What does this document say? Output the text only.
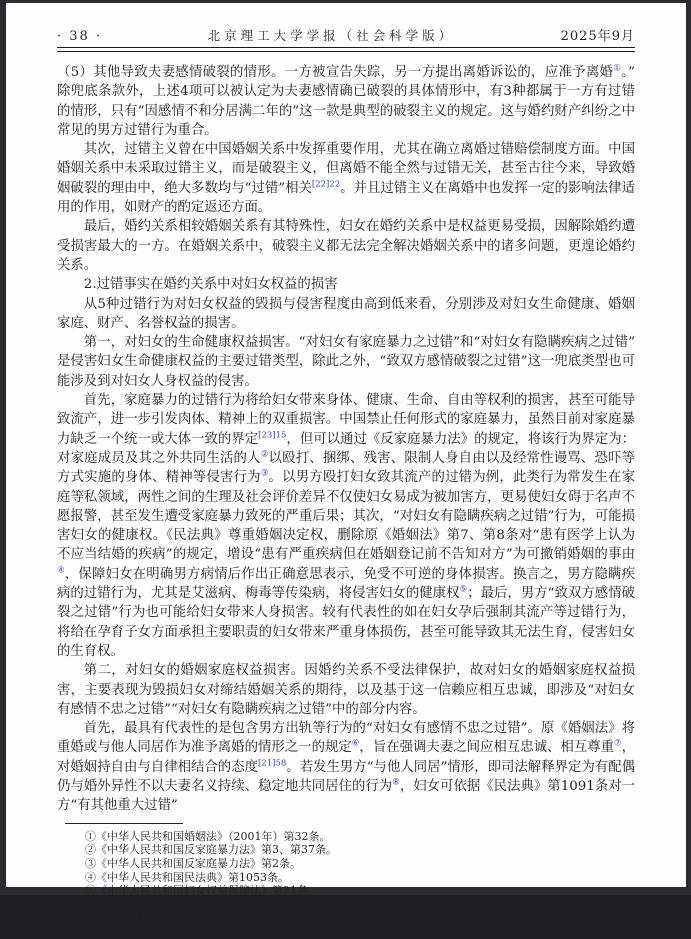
· 38 ·	北京理工大学学报（社会科学版）	2025年9月

（5）其他导致夫妻感情破裂的情形。一方被宣告失踪，另一方提出离婚诉讼的，应准予离婚①。”除兜底条款外，上述4项可以被认定为夫妻感情确已破裂的具体情形中，有3种都属于一方有过错的情形，只有“因感情不和分居满二年的”这一款是典型的破裂主义的规定。这与婚约财产纠纷之中常见的男方过错行为重合。

其次，过错主义曾在中国婚姻关系中发挥重要作用，尤其在确立离婚过错赔偿制度方面。中国婚姻关系中未采取过错主义，而是破裂主义，但离婚不能全然与过错无关，甚至古往今来，导致婚姻破裂的理由中，绝大多数均与“过错”相关$^{[22]22}$。并且过错主义在离婚中也发挥一定的影响法律适用的作用，如财产的酌定返还方面。

最后，婚约关系相较婚姻关系有其特殊性，妇女在婚约关系中是权益更易受损，因解除婚约遭受损害最大的一方。在婚姻关系中，破裂主义都无法完全解决婚姻关系中的诸多问题，更遑论婚约关系。

2.过错事实在婚约关系中对妇女权益的损害

从5种过错行为对妇女权益的毁损与侵害程度由高到低来看，分别涉及对妇女生命健康、婚姻家庭、财产、名誉权益的损害。

第一，对妇女的生命健康权益损害。“对妇女有家庭暴力之过错”和“对妇女有隐瞒疾病之过错”是侵害妇女生命健康权益的主要过错类型，除此之外，“致双方感情破裂之过错”这一兜底类型也可能涉及到对妇女人身权益的侵害。

首先，家庭暴力的过错行为将给妇女带来身体、健康、生命、自由等权利的损害，甚至可能导致流产，进一步引发肉体、精神上的双重损害。中国禁止任何形式的家庭暴力，虽然目前对家庭暴力缺乏一个统一或大体一致的界定$^{[23]15}$，但可以通过《反家庭暴力法》的规定，将该行为界定为：对家庭成员及其之外共同生活的人②以殴打、捆绑、残害、限制人身自由以及经常性谩骂、恐吓等方式实施的身体、精神等侵害行为③。以男方殴打妇女致其流产的过错为例，此类行为常发生在家庭等私领域，两性之间的生理及社会评价差异不仅使妇女易成为被加害方，更易使妇女碍于名声不愿报警，甚至发生遭受家庭暴力致死的严重后果；其次，“对妇女有隐瞒疾病之过错”行为，可能损害妇女的健康权。《民法典》尊重婚姻决定权，删除原《婚姻法》第7、第8条对“患有医学上认为不应当结婚的疾病”的规定，增设“患有严重疾病但在婚姻登记前不告知对方”为可撤销婚姻的事由④，保障妇女在明确男方病情后作出正确意思表示，免受不可逆的身体损害。换言之，男方隐瞒疾病的过错行为，尤其是艾滋病、梅毒等传染病，将侵害妇女的健康权⑤；最后，男方“致双方感情破裂之过错”行为也可能给妇女带来人身损害。较有代表性的如在妇女孕后强制其流产等过错行为，将给在孕育子女方面承担主要职责的妇女带来严重身体损伤，甚至可能导致其无法生育，侵害妇女的生育权。

第二，对妇女的婚姻家庭权益损害。因婚约关系不受法律保护，故对妇女的婚姻家庭权益损害，主要表现为毁损妇女对缔结婚姻关系的期待，以及基于这一信赖应相互忠诚，即涉及“对妇女有感情不忠之过错”“对妇女有隐瞒疾病之过错”中的部分内容。

首先，最具有代表性的是包含男方出轨等行为的“对妇女有感情不忠之过错”。原《婚姻法》将重婚或与他人同居作为准予离婚的情形之一的规定⑥，旨在强调夫妻之间应相互忠诚、相互尊重⑦，对婚姻持自由与自律相结合的态度$^{[21]58}$。若发生男方“与他人同居”情形，即司法解释界定为有配偶仍与婚外异性不以夫妻名义持续、稳定地共同居住的行为⑧，妇女可依据《民法典》第1091条对一方“有其他重大过错”

①《中华人民共和国婚姻法》（2001年）第32条。

②《中华人民共和国反家庭暴力法》第3、第37条。

③《中华人民共和国反家庭暴力法》第2条。

④《中华人民共和国民法典》第1053条。

⑤《中华人民共和国妇女权益保障法》第21条。

⑥《中华人民共和国民法典》第1079条。

⑦安徽省萧县人民法院〔2022〕皖1322民初288号民事判决书。

⑧《最高人民法院关于适用〈中华人民共和国民法典〉婚姻家庭编的解释（一）》第2条。
